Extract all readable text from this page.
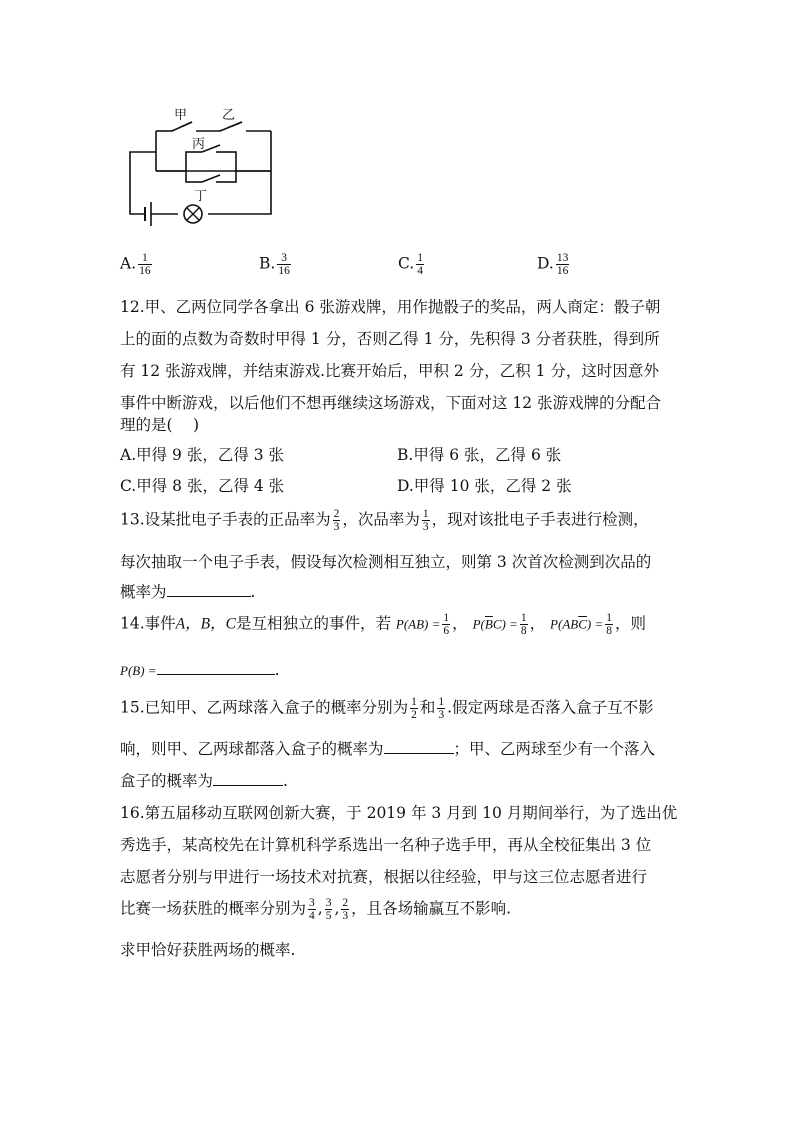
甲	乙
丙
丁
A. $\frac{1}{16}$	B. $\frac{3}{16}$	C. $\frac{1}{4}$	D. $\frac{13}{16}$
12.甲、乙两位同学各拿出 6 张游戏牌，用作抛骰子的奖品，两人商定：骰子朝
上的面的点数为奇数时甲得 1 分，否则乙得 1 分，先积得 3 分者获胜，得到所
有 12 张游戏牌，并结束游戏.比赛开始后，甲积 2 分，乙积 1 分，这时因意外
事件中断游戏，以后他们不想再继续这场游戏，下面对这 12 张游戏牌的分配合
理的是(　 )
A.甲得 9 张，乙得 3 张	B.甲得 6 张，乙得 6 张
C.甲得 8 张，乙得 4 张	D.甲得 10 张，乙得 2 张
13.设某批电子手表的正品率为 $\frac{2}{3}$ ，次品率为 $\frac{1}{3}$ ，现对该批电子手表进行检测，
每次抽取一个电子手表，假设每次检测相互独立，则第 3 次首次检测到次品的
概率为	.
14.事件A，B，C是互相独立的事件，若 $P(AB) = \frac{1}{6}$ ， $P(\overline{B}C) = \frac{1}{8}$ ， $P(AB\overline{C}) = \frac{1}{8}$ ，则
P(B) =	.
15.已知甲、乙两球落入盒子的概率分别为 $\frac{1}{2}$ 和 $\frac{1}{3}$ .假定两球是否落入盒子互不影
响，则甲、乙两球都落入盒子的概率为	；甲、乙两球至少有一个落入
盒子的概率为	.
16.第五届移动互联网创新大赛，于 2019 年 3 月到 10 月期间举行，为了选出优
秀选手，某高校先在计算机科学系选出一名种子选手甲，再从全校征集出 3 位
志愿者分别与甲进行一场技术对抗赛，根据以往经验，甲与这三位志愿者进行
比赛一场获胜的概率分别为 $\frac{3}{4}$ , $\frac{3}{5}$ , $\frac{2}{3}$ ，且各场输赢互不影响.
求甲恰好获胜两场的概率.
